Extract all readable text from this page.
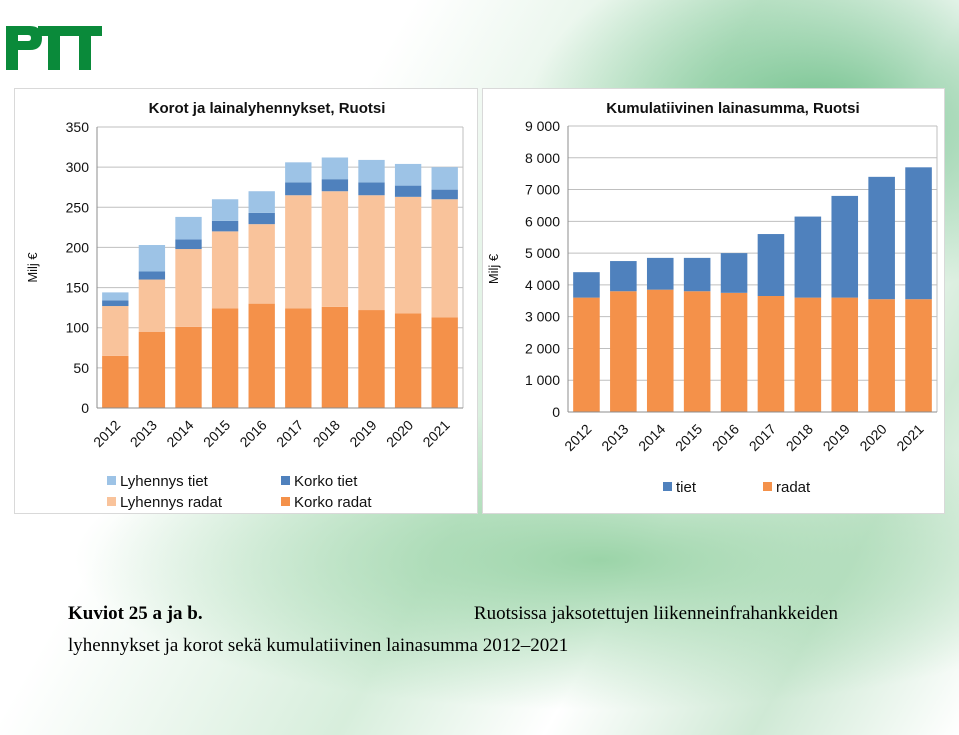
Korot ja lainalyhennykset, Ruotsi
0
50
100
150
200
250
300
350
Milj €
2012 2013 2014 2015 2016 2017 2018 2019 2020 2021
Lyhennys tiet	Korko tiet
Lyhennys radat	Korko radat
Kumulatiivinen lainasumma, Ruotsi
0
1 000
2 000
3 000
4 000
5 000
6 000
7 000
8 000
9 000
Milj €
2012 2013 2014 2015 2016 2017 2018 2019 2020 2021
tiet	radat
Kuviot 25 a ja b.	Ruotsissa jaksotettujen liikenneinfrahankkeiden
lyhennykset ja korot sekä kumulatiivinen lainasumma 2012–2021
